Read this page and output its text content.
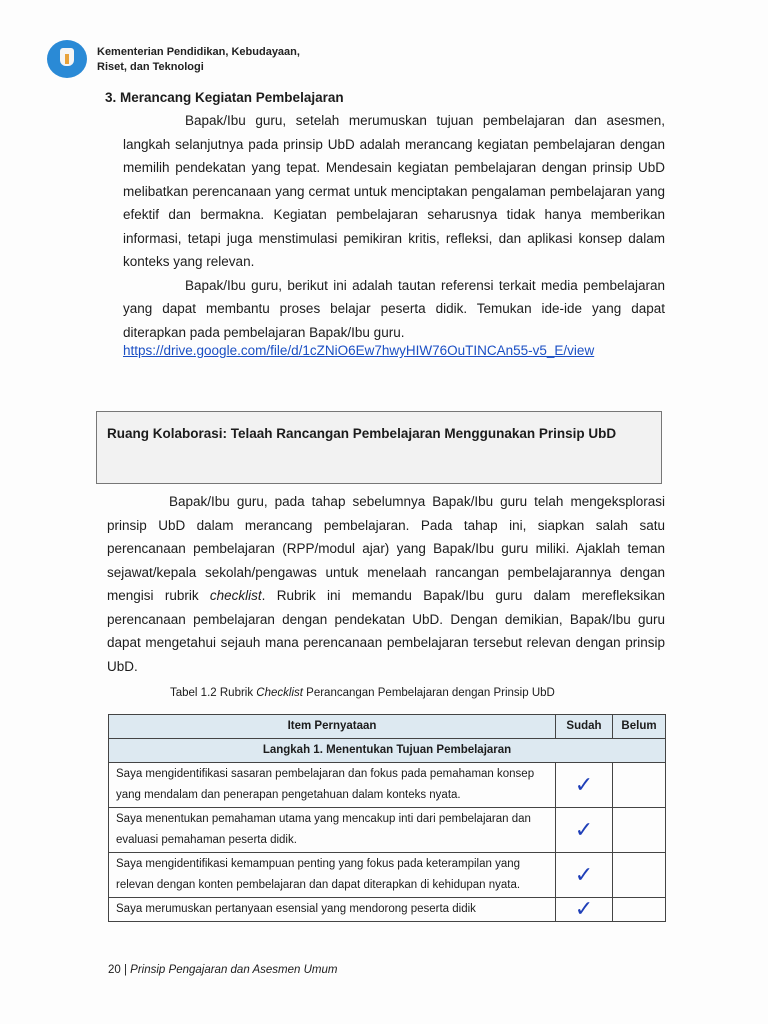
Kementerian Pendidikan, Kebudayaan,
Riset, dan Teknologi
3. Merancang Kegiatan Pembelajaran

Bapak/Ibu guru, setelah merumuskan tujuan pembelajaran dan asesmen, langkah selanjutnya pada prinsip UbD adalah merancang kegiatan pembelajaran dengan memilih pendekatan yang tepat. Mendesain kegiatan pembelajaran dengan prinsip UbD melibatkan perencanaan yang cermat untuk menciptakan pengalaman pembelajaran yang efektif dan bermakna. Kegiatan pembelajaran seharusnya tidak hanya memberikan informasi, tetapi juga menstimulasi pemikiran kritis, refleksi, dan aplikasi konsep dalam konteks yang relevan.

Bapak/Ibu guru, berikut ini adalah tautan referensi terkait media pembelajaran yang dapat membantu proses belajar peserta didik. Temukan ide-ide yang dapat diterapkan pada pembelajaran Bapak/Ibu guru.

https://drive.google.com/file/d/1cZNiO6Ew7hwyHIW76OuTINCAn55-v5_E/view
Ruang Kolaborasi: Telaah Rancangan Pembelajaran Menggunakan Prinsip UbD

Bapak/Ibu guru, pada tahap sebelumnya Bapak/Ibu guru telah mengeksplorasi prinsip UbD dalam merancang pembelajaran. Pada tahap ini, siapkan salah satu perencanaan pembelajaran (RPP/modul ajar) yang Bapak/Ibu guru miliki. Ajaklah teman sejawat/kepala sekolah/pengawas untuk menelaah rancangan pembelajarannya dengan mengisi rubrik checklist. Rubrik ini memandu Bapak/Ibu guru dalam merefleksikan perencanaan pembelajaran dengan pendekatan UbD. Dengan demikian, Bapak/Ibu guru dapat mengetahui sejauh mana perencanaan pembelajaran tersebut relevan dengan prinsip UbD.

Tabel 1.2 Rubrik Checklist Perancangan Pembelajaran dengan Prinsip UbD
Item Pernyataan	Sudah	Belum
Langkah 1. Menentukan Tujuan Pembelajaran		
Saya mengidentifikasi sasaran pembelajaran dan fokus pada pemahaman konsep yang mendalam dan penerapan pengetahuan dalam konteks nyata.	✓	
Saya menentukan pemahaman utama yang mencakup inti dari pembelajaran dan evaluasi pemahaman peserta didik.	✓	
Saya mengidentifikasi kemampuan penting yang fokus pada keterampilan yang relevan dengan konten pembelajaran dan dapat diterapkan di kehidupan nyata.	✓	
Saya merumuskan pertanyaan esensial yang mendorong peserta didik	✓	
20 | Prinsip Pengajaran dan Asesmen Umum
